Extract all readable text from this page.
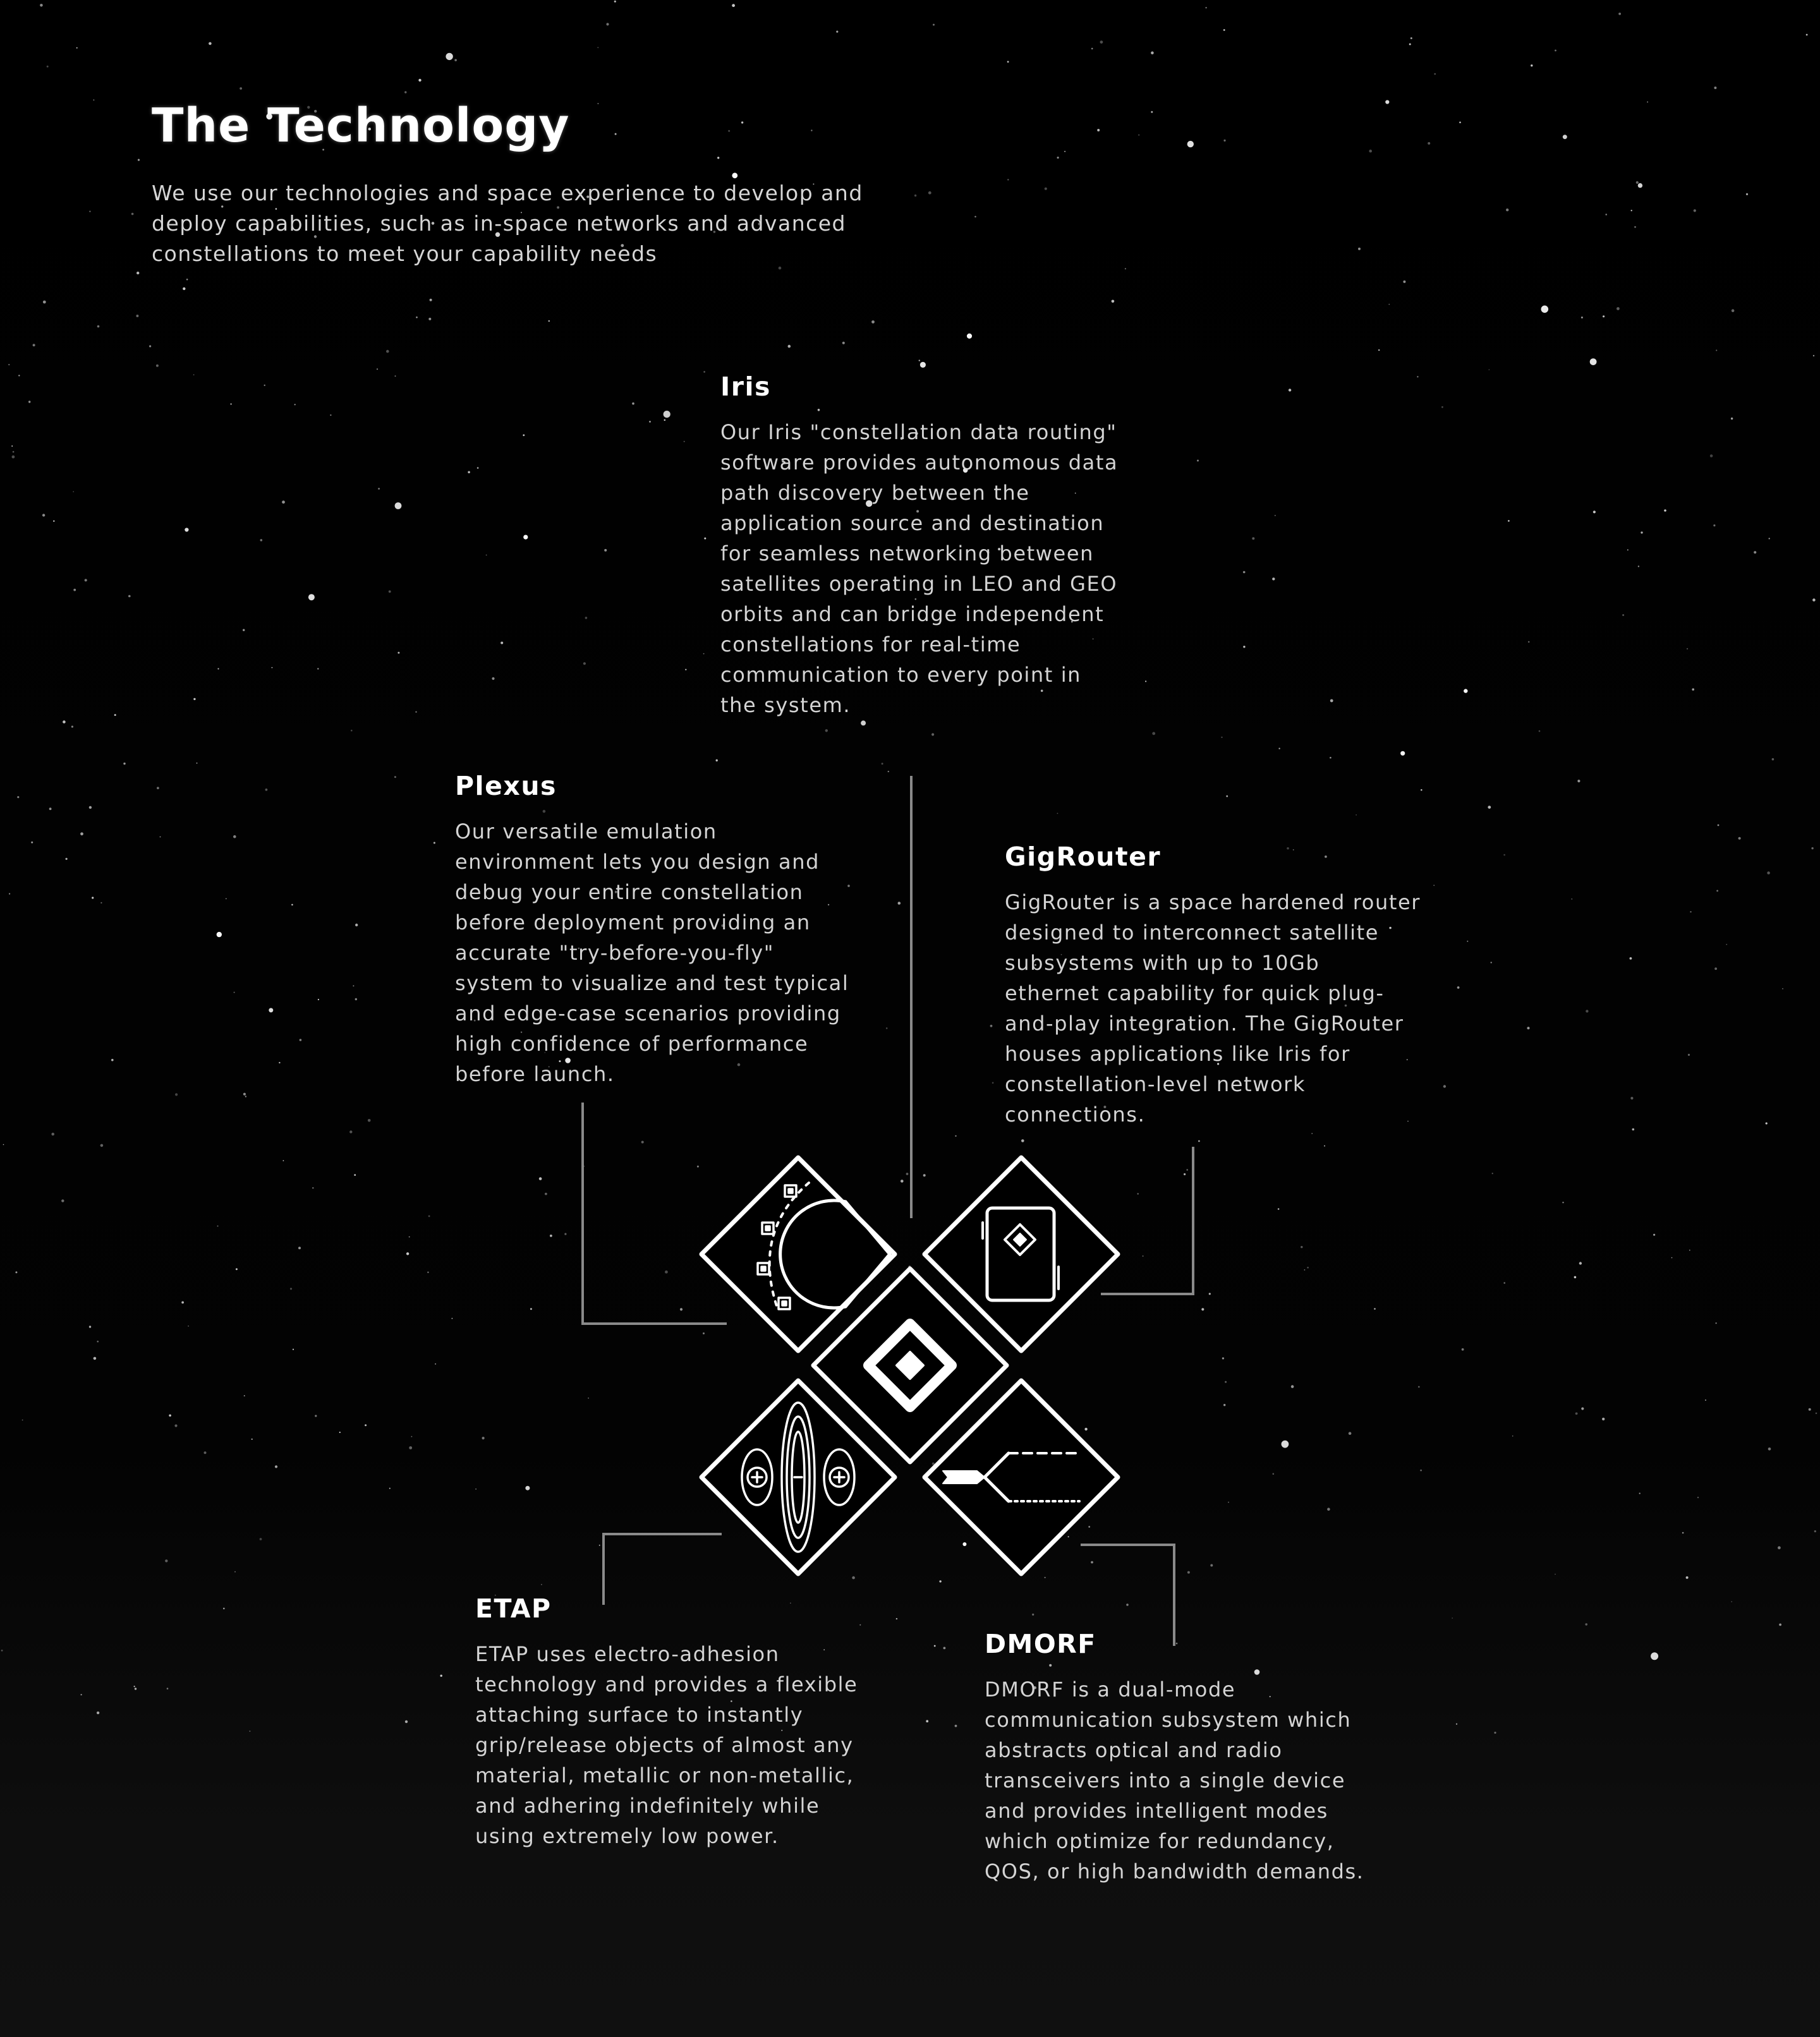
The Technology

We use our technologies and space experience to develop and deploy capabilities, such as in-space networks and advanced constellations to meet your capability needs

Iris

Our Iris "constellation data routing" software provides autonomous data path discovery between the application source and destination for seamless networking between satellites operating in LEO and GEO orbits and can bridge independent constellations for real-time communication to every point in the system.

Plexus

Our versatile emulation environment lets you design and debug your entire constellation before deployment providing an accurate "try-before-you-fly" system to visualize and test typical and edge-case scenarios providing high confidence of performance before launch.

GigRouter

GigRouter is a space hardened router designed to interconnect satellite subsystems with up to 10Gb ethernet capability for quick plug-and-play integration. The GigRouter houses applications like Iris for constellation-level network connections.

ETAP

ETAP uses electro-adhesion technology and provides a flexible attaching surface to instantly grip/release objects of almost any material, metallic or non-metallic, and adhering indefinitely while using extremely low power.

DMORF

DMORF is a dual-mode communication subsystem which abstracts optical and radio transceivers into a single device and provides intelligent modes which optimize for redundancy, QOS, or high bandwidth demands.
